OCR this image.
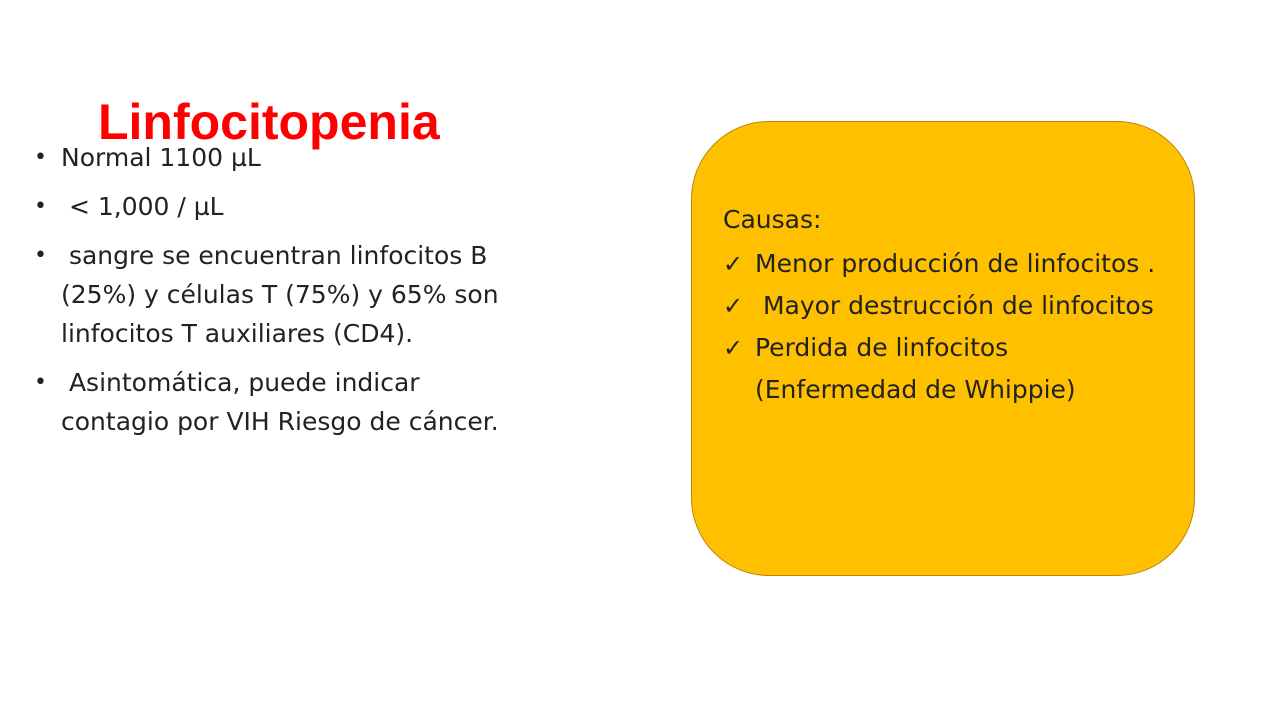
Linfocitopenia
• Normal 1100 µL
• < 1,000 / µL
• sangre se encuentran linfocitos B (25%) y células T (75%) y 65% son linfocitos T auxiliares (CD4).
• Asintomática, puede indicar contagio por VIH Riesgo de cáncer.

Causas:

✓ Menor producción de linfocitos .
✓ Mayor destrucción de linfocitos
✓ Perdida de linfocitos (Enfermedad de Whippie)
